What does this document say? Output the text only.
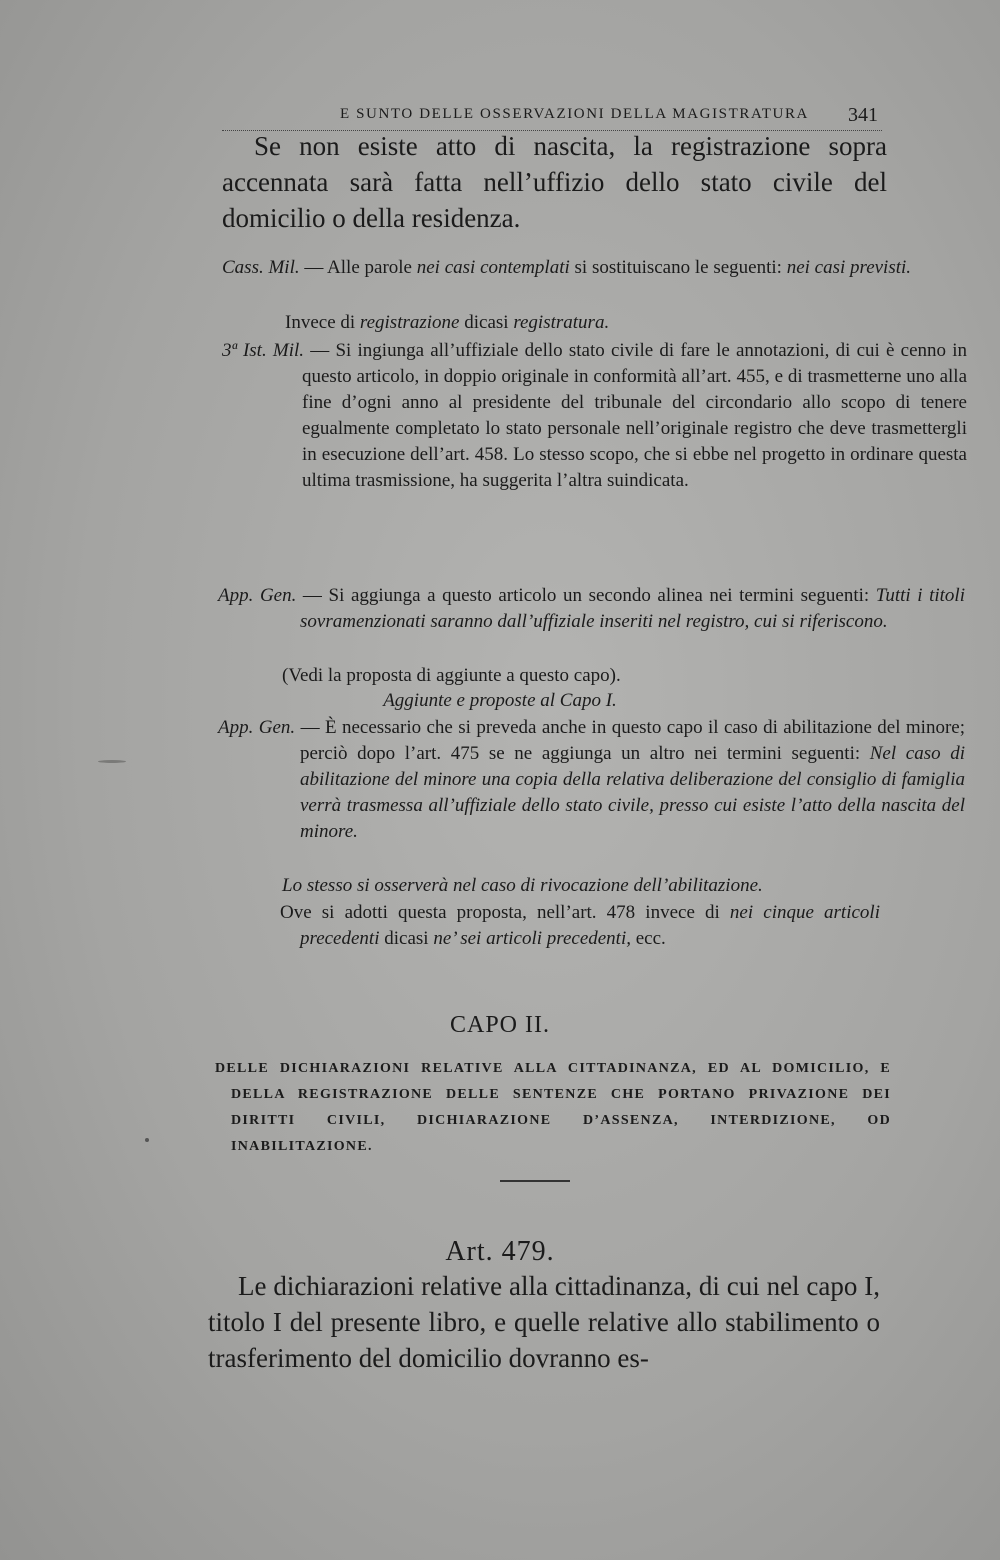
E SUNTO DELLE OSSERVAZIONI DELLA MAGISTRATURA 341

Se non esiste atto di nascita, la registrazione sopra accennata sarà fatta nell’uffizio dello stato civile del domicilio o della residenza.

Cass. Mil. — Alle parole nei casi contemplati si sostituiscano le seguenti: nei casi previsti.

Invece di registrazione dicasi registratura.

3ª Ist. Mil. — Si ingiunga all’uffiziale dello stato civile di fare le annotazioni, di cui è cenno in questo articolo, in doppio originale in conformità all’art. 455, e di trasmetterne uno alla fine d’ogni anno al presidente del tribunale del circondario allo scopo di tenere egualmente completato lo stato personale nell’originale registro che deve trasmettergli in esecuzione dell’art. 458. Lo stesso scopo, che si ebbe nel progetto in ordinare questa ultima trasmissione, ha suggerita l’altra suindicata.

App. Gen. — Si aggiunga a questo articolo un secondo alinea nei termini seguenti: Tutti i titoli sovramenzionati saranno dall’uffiziale inseriti nel registro, cui si riferiscono.

(Vedi la proposta di aggiunte a questo capo).

Aggiunte e proposte al Capo I.

App. Gen. — È necessario che si preveda anche in questo capo il caso di abilitazione del minore; perciò dopo l’art. 475 se ne aggiunga un altro nei termini seguenti: Nel caso di abilitazione del minore una copia della relativa deliberazione del consiglio di famiglia verrà trasmessa all’uffiziale dello stato civile, presso cui esiste l’atto della nascita del minore.

Lo stesso si osserverà nel caso di rivocazione dell’abilitazione.

Ove si adotti questa proposta, nell’art. 478 invece di nei cinque articoli precedenti dicasi ne’ sei articoli precedenti, ecc.

CAPO II.

DELLE DICHIARAZIONI RELATIVE ALLA CITTADINANZA, ED AL DOMICILIO, E DELLA REGISTRAZIONE DELLE SENTENZE CHE PORTANO PRIVAZIONE DEI DIRITTI CIVILI, DICHIARAZIONE D’ASSENZA, INTERDIZIONE, OD INABILITAZIONE.

Art. 479.

Le dichiarazioni relative alla cittadinanza, di cui nel capo I, titolo I del presente libro, e quelle relative allo stabilimento o trasferimento del domicilio dovranno es-
